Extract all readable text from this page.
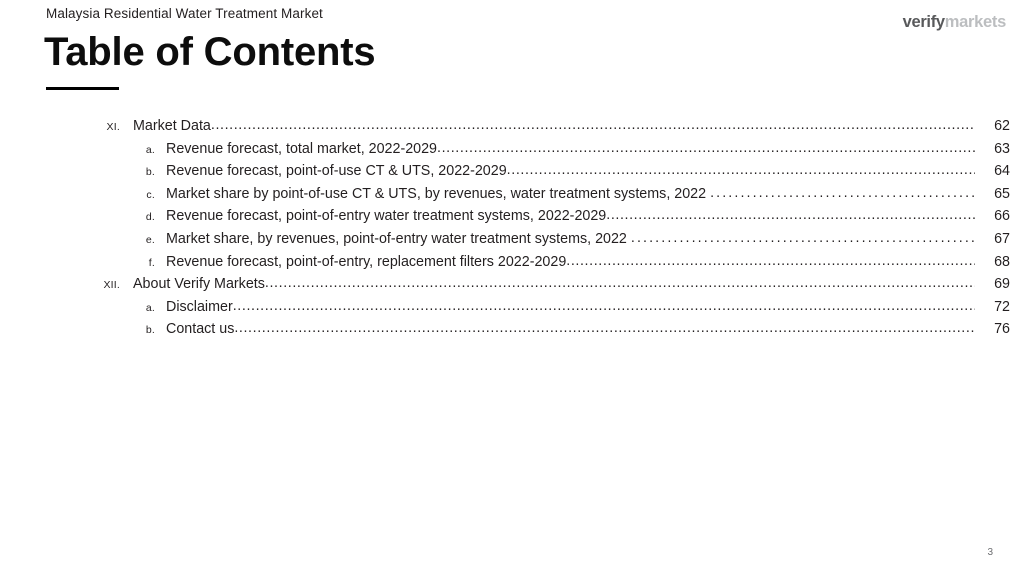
Malaysia Residential Water Treatment Market	verifymarkets
Table of Contents
XI. Market Data .....	62
a. Revenue forecast, total market, 2022-2029 .....	63
b. Revenue forecast, point-of-use CT & UTS, 2022-2029 .....	64
c. Market share by point-of-use CT & UTS, by revenues, water treatment systems, 2022 .....	65
d. Revenue forecast, point-of-entry water treatment systems, 2022-2029 .....	66
e. Market share, by revenues, point-of-entry water treatment systems, 2022 .....	67
f. Revenue forecast, point-of-entry, replacement filters 2022-2029 .....	68
XII. About Verify Markets .....	69
a. Disclaimer .....	72
b. Contact us .....	76
3
